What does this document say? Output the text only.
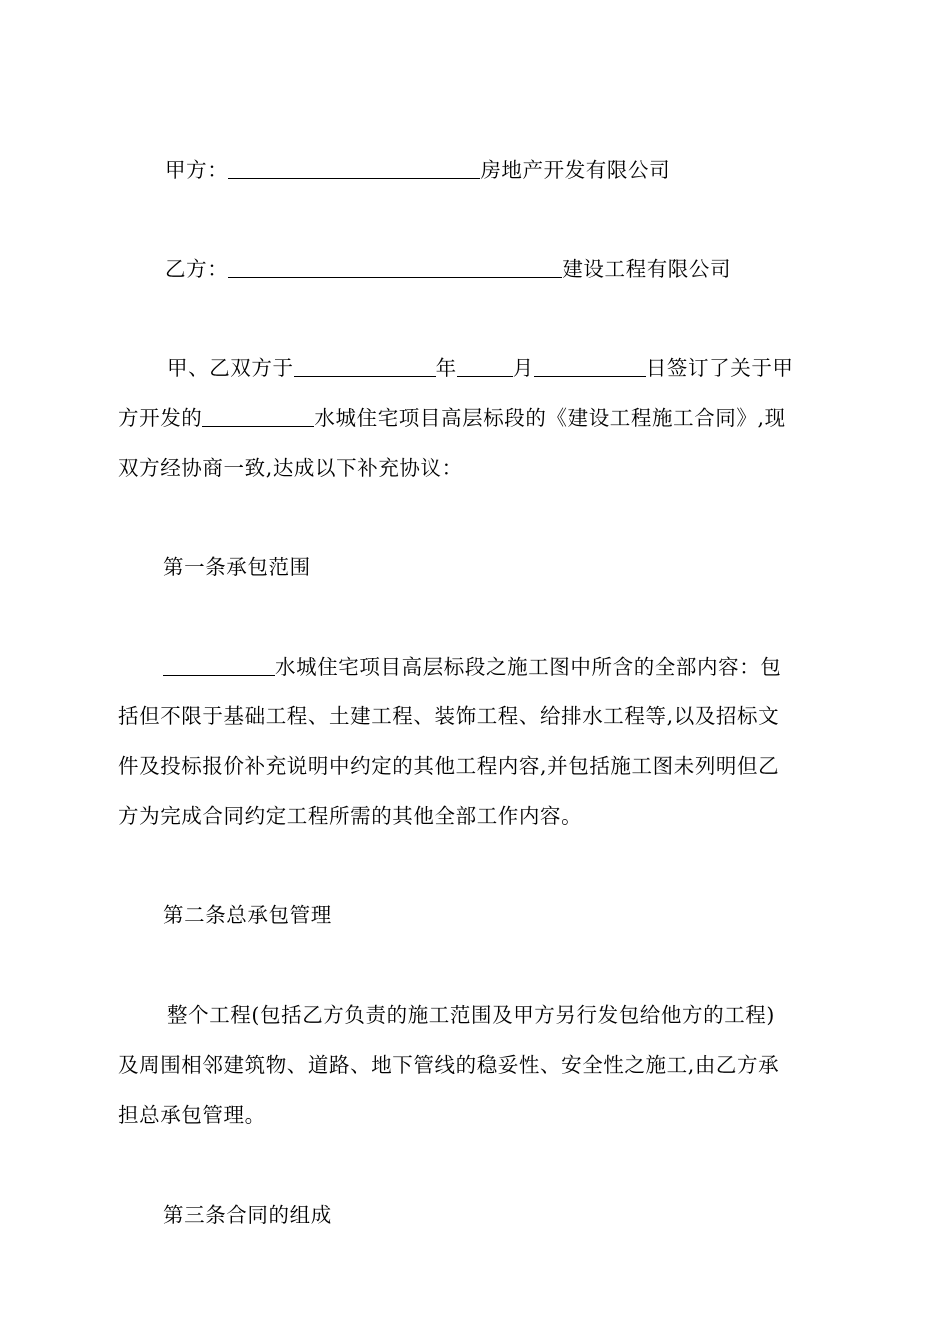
甲方：	房地产开发有限公司
乙方：	建设工程有限公司
甲、乙双方于	年	月	日签订了关于甲
方开发的	水城住宅项目高层标段的《建设工程施工合同》,现
双方经协商一致,达成以下补充协议：
第一条承包范围
水城住宅项目高层标段之施工图中所含的全部内容：包
括但不限于基础工程、土建工程、装饰工程、给排水工程等,以及招标文
件及投标报价补充说明中约定的其他工程内容,并包括施工图未列明但乙
方为完成合同约定工程所需的其他全部工作内容。
第二条总承包管理
整个工程(包括乙方负责的施工范围及甲方另行发包给他方的工程)
及周围相邻建筑物、道路、地下管线的稳妥性、安全性之施工,由乙方承
担总承包管理。
第三条合同的组成
